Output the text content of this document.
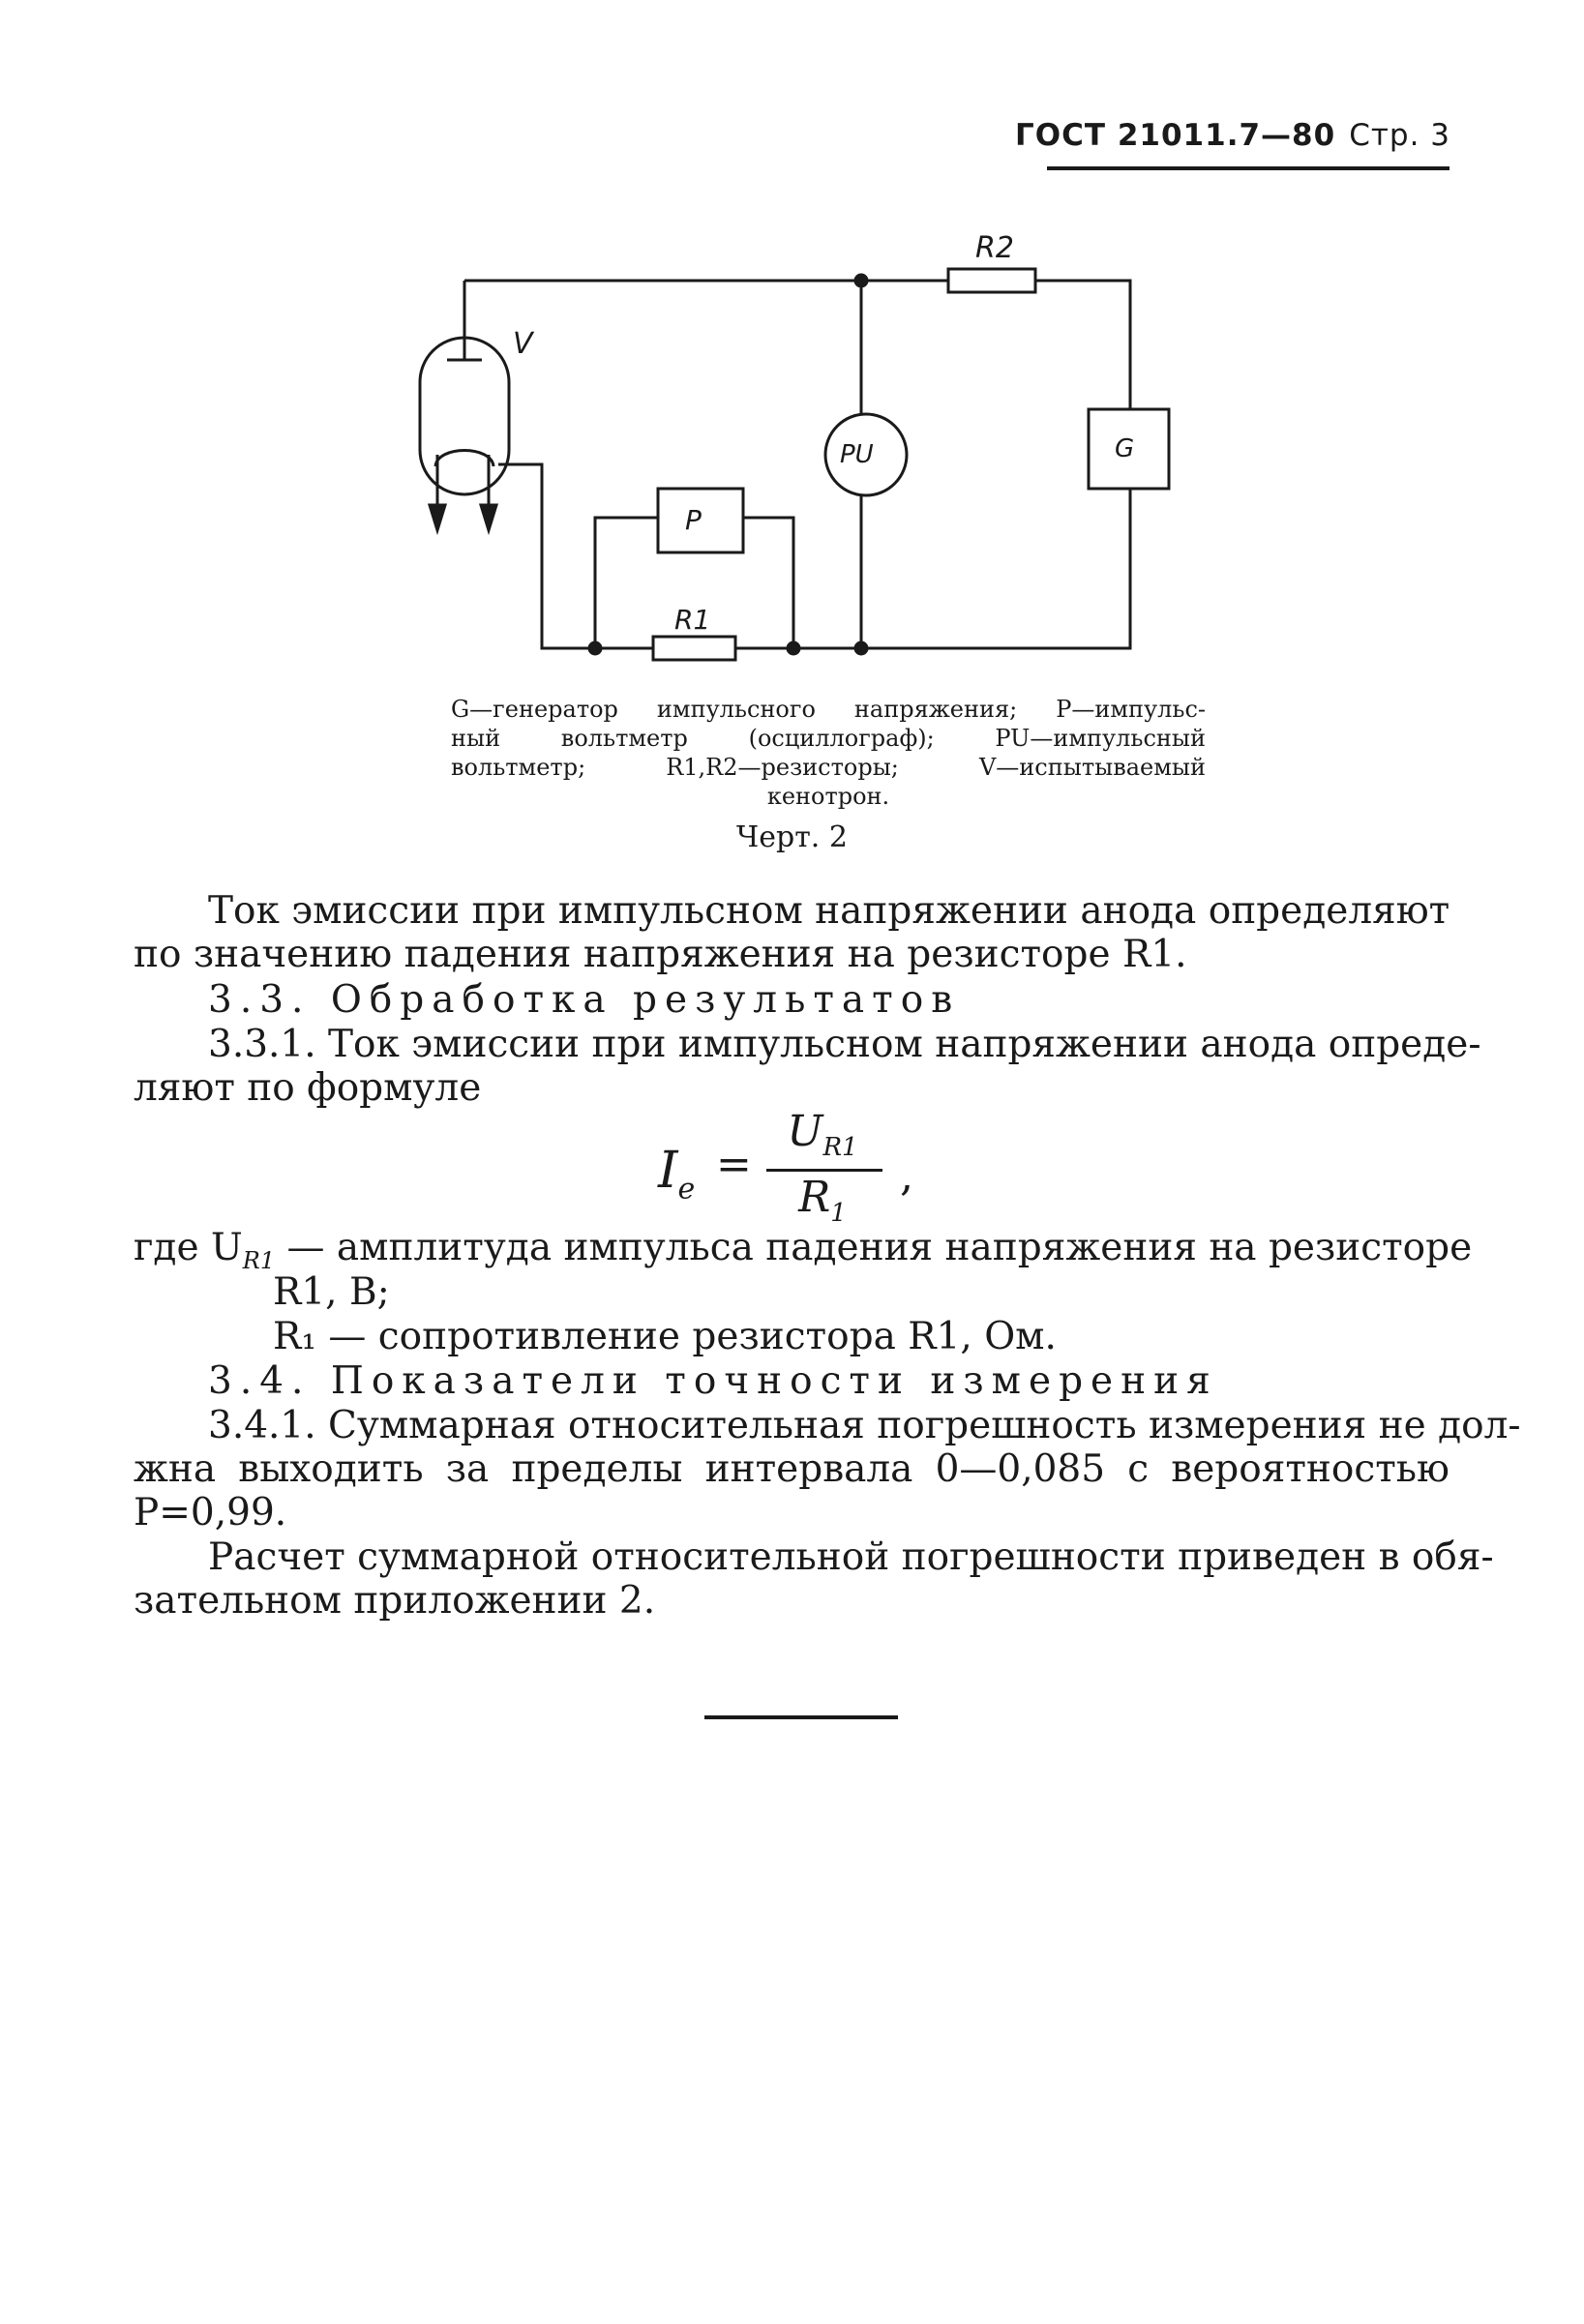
ГОСТ 21011.7—80 Стр. 3
R2
PU	G
V
R1
P
G—генератор импульсного напряжения; P—импульс-
ный вольтметр (осциллограф); PU—импульсный
вольтметр; R1,R2—резисторы; V—испытываемый
кенотрон.
Черт. 2
Ток эмиссии при импульсном напряжении анода определяют
по значению падения напряжения на резисторе R1.
3.3. Обработка результатов
3.3.1. Ток эмиссии при импульсном напряжении анода опреде-
ляют по формуле
$I_e$ =
$U_{R1}$
$R_1$
,
где $U_{R1}$ — амплитуда импульса падения напряжения на резисторе
R1, В;
R₁ — сопротивление резистора R1, Ом.
3.4. Показатели точности измерения
3.4.1. Суммарная относительная погрешность измерения не дол-
жна выходить за пределы интервала 0—0,085 с вероятностью
P=0,99.
Расчет суммарной относительной погрешности приведен в обя-
зательном приложении 2.
